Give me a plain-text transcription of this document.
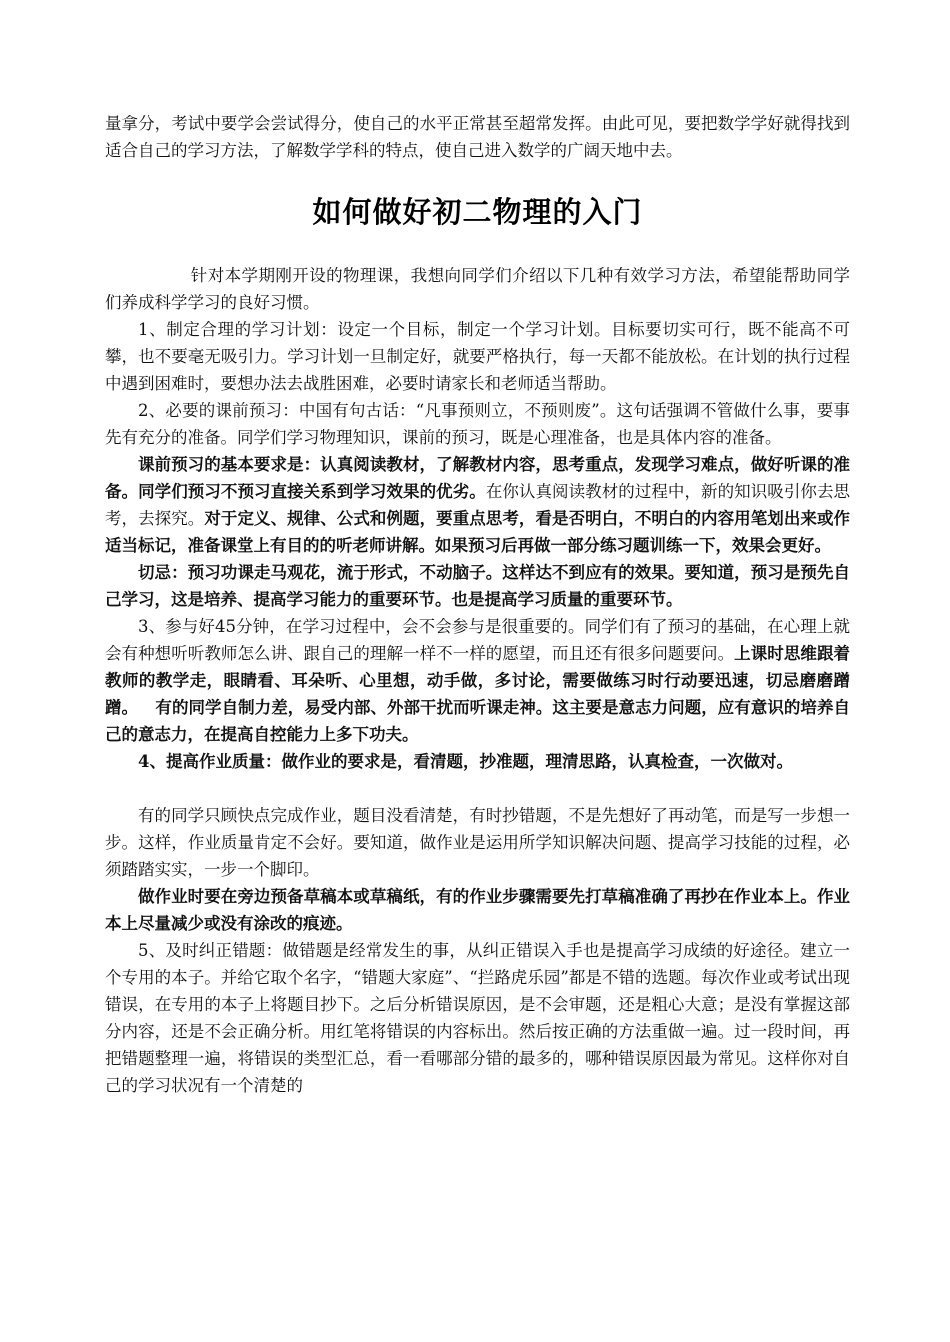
量拿分，考试中要学会尝试得分，使自己的水平正常甚至超常发挥。由此可见，要把数学学好就得找到适合自己的学习方法，了解数学学科的特点，使自己进入数学的广阔天地中去。

如何做好初二物理的入门

针对本学期刚开设的物理课，我想向同学们介绍以下几种有效学习方法，希望能帮助同学们养成科学学习的良好习惯。

1、制定合理的学习计划：设定一个目标，制定一个学习计划。目标要切实可行，既不能高不可攀，也不要毫无吸引力。学习计划一旦制定好，就要严格执行，每一天都不能放松。在计划的执行过程中遇到困难时，要想办法去战胜困难，必要时请家长和老师适当帮助。

2、必要的课前预习：中国有句古话：“凡事预则立，不预则废”。这句话强调不管做什么事，要事先有充分的准备。同学们学习物理知识，课前的预习，既是心理准备，也是具体内容的准备。

课前预习的基本要求是：认真阅读教材，了解教材内容，思考重点，发现学习难点，做好听课的准备。同学们预习不预习直接关系到学习效果的优劣。在你认真阅读教材的过程中，新的知识吸引你去思考，去探究。对于定义、规律、公式和例题，要重点思考，看是否明白，不明白的内容用笔划出来或作适当标记，准备课堂上有目的的听老师讲解。如果预习后再做一部分练习题训练一下，效果会更好。

切忌：预习功课走马观花，流于形式，不动脑子。这样达不到应有的效果。要知道，预习是预先自己学习，这是培养、提高学习能力的重要环节。也是提高学习质量的重要环节。

3、参与好45分钟，在学习过程中，会不会参与是很重要的。同学们有了预习的基础，在心理上就会有种想听听教师怎么讲、跟自己的理解一样不一样的愿望，而且还有很多问题要问。上课时思维跟着教师的教学走，眼睛看、耳朵听、心里想，动手做，多讨论，需要做练习时行动要迅速，切忌磨磨蹭蹭。   有的同学自制力差，易受内部、外部干扰而听课走神。这主要是意志力问题，应有意识的培养自己的意志力，在提高自控能力上多下功夫。

4、提高作业质量：做作业的要求是，看清题，抄准题，理清思路，认真检查，一次做对。

有的同学只顾快点完成作业，题目没看清楚，有时抄错题，不是先想好了再动笔，而是写一步想一步。这样，作业质量肯定不会好。要知道，做作业是运用所学知识解决问题、提高学习技能的过程，必须踏踏实实，一步一个脚印。

做作业时要在旁边预备草稿本或草稿纸，有的作业步骤需要先打草稿准确了再抄在作业本上。作业本上尽量减少或没有涂改的痕迹。

5、及时纠正错题：做错题是经常发生的事，从纠正错误入手也是提高学习成绩的好途径。建立一个专用的本子。并给它取个名字，“错题大家庭”、“拦路虎乐园”都是不错的选题。每次作业或考试出现错误，在专用的本子上将题目抄下。之后分析错误原因，是不会审题，还是粗心大意；是没有掌握这部分内容，还是不会正确分析。用红笔将错误的内容标出。然后按正确的方法重做一遍。过一段时间，再把错题整理一遍，将错误的类型汇总，看一看哪部分错的最多的，哪种错误原因最为常见。这样你对自己的学习状况有一个清楚的
